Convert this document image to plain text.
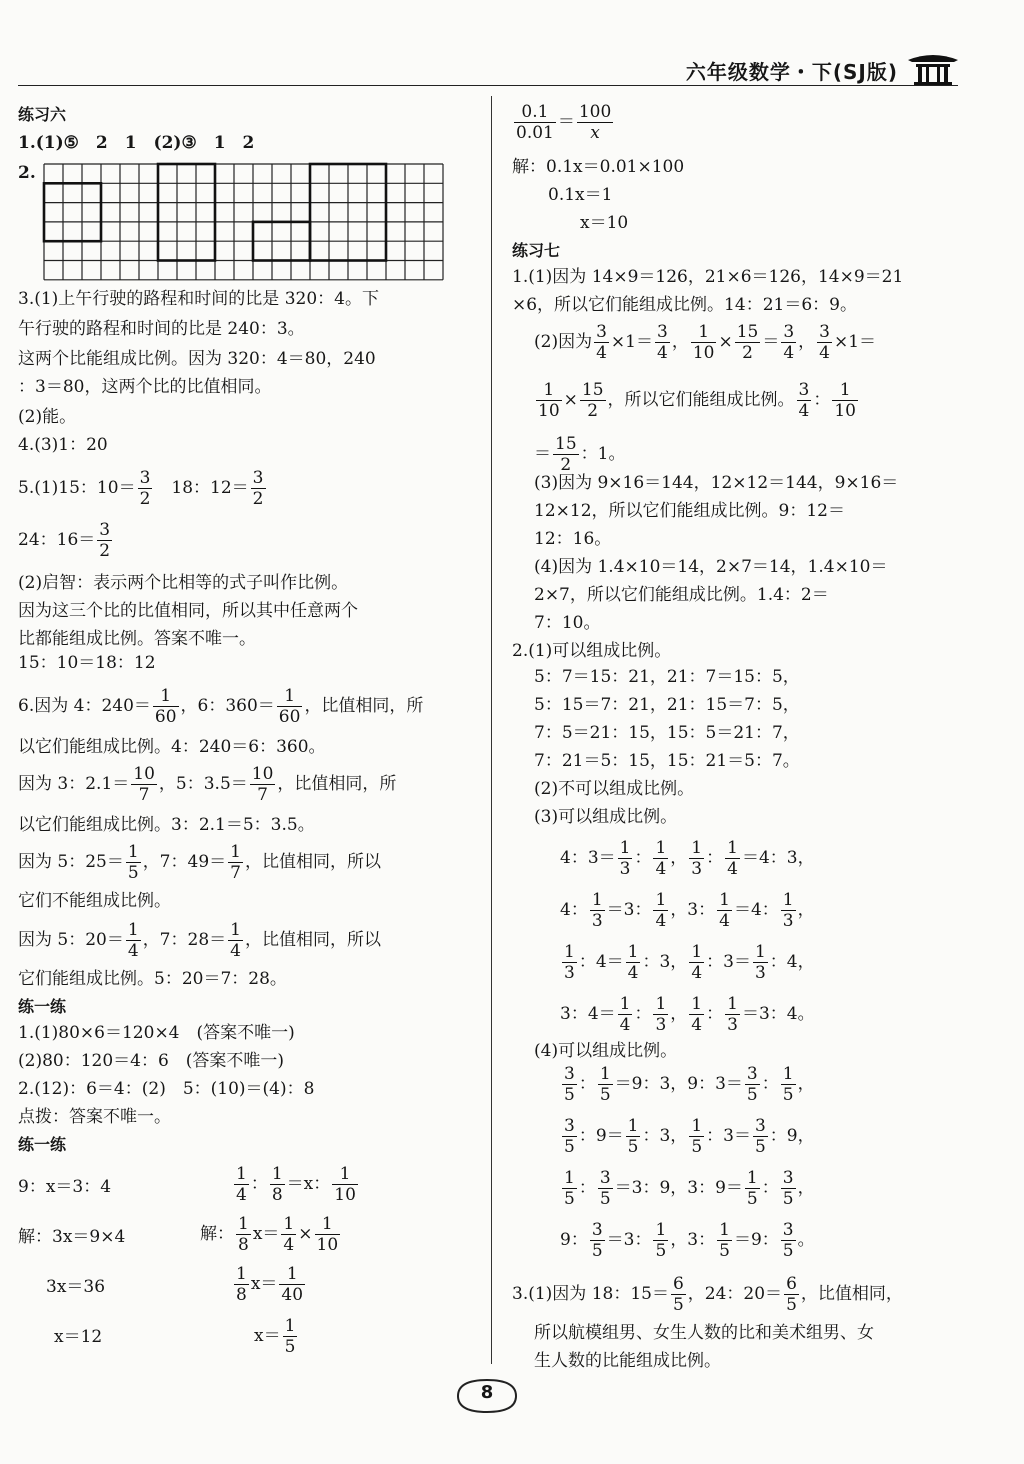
六年级数学・下(SJ版)
练习六
1.(1)⑤　2　1　(2)③　1　2
2.
3.(1)上午行驶的路程和时间的比是 320：4。下
午行驶的路程和时间的比是 240：3。
这两个比能组成比例。因为 320：4＝80，240
：3＝80，这两个比的比值相同。
(2)能。
4.(3)1：20
5.(1)15：$10= \frac{3}{2}$ 　18：$12= \frac{3}{2}$
24：$16= \frac{3}{2}$
(2)启智：表示两个比相等的式子叫作比例。
因为这三个比的比值相同，所以其中任意两个
比都能组成比例。答案不唯一。
15：10＝18：12
6.因为 4：$240= \frac{1}{60}$ ，6：$360= \frac{1}{60}$ ，比值相同，所
以它们能组成比例。4：240＝6：360。
因为 3：$2.1= \frac{10}{7}$ ，5：$3.5= \frac{10}{7}$ ，比值相同，所
以它们能组成比例。3：2.1＝5：3.5。
因为 5：$25= \frac{1}{5}$ ，7：$49= \frac{1}{7}$ ，比值相同，所以
它们不能组成比例。
因为 5：$20= \frac{1}{4}$ ，7：$28= \frac{1}{4}$ ，比值相同，所以
它们能组成比例。5：20＝7：28。
练一练
1.(1)80×6＝120×4　(答案不唯一)
(2)80：120＝4：6　(答案不唯一)
2.(12)：6＝4：(2)　5：(10)＝(4)：8
点拨：答案不唯一。
练一练
9：x＝3：4
解：3x＝9×4
3x＝36
x＝12
$\frac{1}{4}$ ： $\frac{1}{8} =x$： $\frac{1}{10}$
解： $\frac{1}{8} x= \frac{1}{4} \times \frac{1}{10}$
$\frac{1}{8} x= \frac{1}{40}$
$x= \frac{1}{5}$
$\frac{0.1}{0.01} = \frac{100}{x}$
解：0.1x＝0.01×100
0.1x＝1
x＝10
练习七
1.(1)因为 14×9＝126，21×6＝126，14×9＝21
×6，所以它们能组成比例。14：21＝6：9。
(2)因为 $\frac{3}{4} \times 1= \frac{3}{4}$ ， $\frac{1}{10} \times \frac{15}{2} = \frac{3}{4}$ ， $\frac{3}{4} \times 1=$
$\frac{1}{10} \times \frac{15}{2}$ ，所以它们能组成比例。 $\frac{3}{4}$ ： $\frac{1}{10}$
＝ $\frac{15}{2}$ ：1。
(3)因为 9×16＝144，12×12＝144，9×16＝
12×12，所以它们能组成比例。9：12＝
12：16。
(4)因为 1.4×10＝14，2×7＝14，1.4×10＝
2×7，所以它们能组成比例。1.4：2＝
7：10。
2.(1)可以组成比例。
5：7＝15：21，21：7＝15：5，
5：15＝7：21，21：15＝7：5，
7：5＝21：15，15：5＝21：7，
7：21＝5：15，15：21＝5：7。
(2)不可以组成比例。
(3)可以组成比例。
4：$3= \frac{1}{3}$ ： $\frac{1}{4}$ ， $\frac{1}{3}$ ： $\frac{1}{4} =4$：3，
4： $\frac{1}{3} =3$： $\frac{1}{4}$ ，3： $\frac{1}{4} =4$： $\frac{1}{3}$ ，
$\frac{1}{3}$ ：$4= \frac{1}{4}$ ：3， $\frac{1}{4}$ ：$3= \frac{1}{3}$ ：4，
3：$4= \frac{1}{4}$ ： $\frac{1}{3}$ ， $\frac{1}{4}$ ： $\frac{1}{3} =3$：4。
(4)可以组成比例。
$\frac{3}{5}$ ： $\frac{1}{5} =9$：3，9：$3= \frac{3}{5}$ ： $\frac{1}{5}$ ，
$\frac{3}{5}$ ：$9= \frac{1}{5}$ ：3， $\frac{1}{5}$ ：$3= \frac{3}{5}$ ：9，
$\frac{1}{5}$ ： $\frac{3}{5} =3$：9，3：$9= \frac{1}{5}$ ： $\frac{3}{5}$ ，
9： $\frac{3}{5} =3$： $\frac{1}{5}$ ，3： $\frac{1}{5} =9$： $\frac{3}{5}$ 。
3.(1)因为 18：$15= \frac{6}{5}$ ，24：$20= \frac{6}{5}$ ，比值相同，
所以航模组男、女生人数的比和美术组男、女
生人数的比能组成比例。
8
